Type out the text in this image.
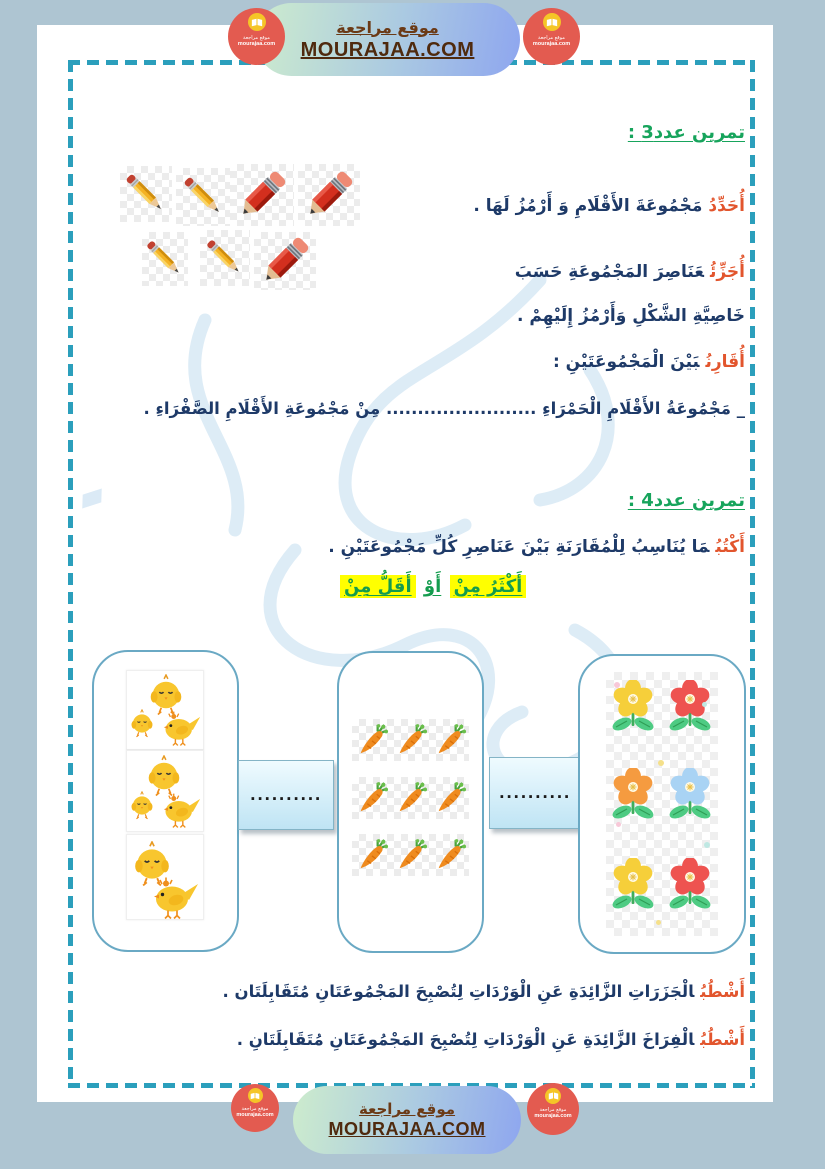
موقع مراجعة
MOURAJAA.COM
موقع مراجعة
mourajaa.com
موقع مراجعة
mourajaa.com
تمرين عدد3 :
أُحَدِّدُمَجْمُوعَةَ الأَقْلَامِ وَ أَرْمُزُ لَهَا .
أُجَزِّئُعَنَاصِرَ المَجْمُوعَةِ حَسَبَ
خَاصِيَّةِ الشَّكْلِ وَأَرْمُزُ إِلَيْهِمْ .
أُقَارِنُبَيْنَ الْمَجْمُوعَتَيْنِ :
_ مَجْمُوعَةُ الأَقْلَامِ الْحَمْرَاءِ ........................ مِنْ مَجْمُوعَةِ الأَقْلَامِ الصَّفْرَاءِ .
تمرين عدد4 :
أَكْتُبُمَا يُنَاسِبُ لِلْمُقَارَنَةِ بَيْنَ عَنَاصِرِ كُلِّ مَجْمُوعَتَيْنِ .
أَكْثَرُ مِنْ أَوْ أَقَلُّ مِنْ
..........	..........
أَشْطُبُالْجَزَرَاتِ الزَّائِدَةِ عَنِ الْوَرْدَاتِ لِتُصْبِحَ المَجْمُوعَتَانِ مُتَقَابِلَتَان .
أَشْطُبُالْفِرَاخَ الزَّائِدَةِ عَنِ الْوَرْدَاتِ لِتُصْبِحَ المَجْمُوعَتَانِ مُتَقَابِلَتَانِ .
موقع مراجعة
MOURAJAA.COM
موقع مراجعة
mourajaa.com
موقع مراجعة
mourajaa.com
